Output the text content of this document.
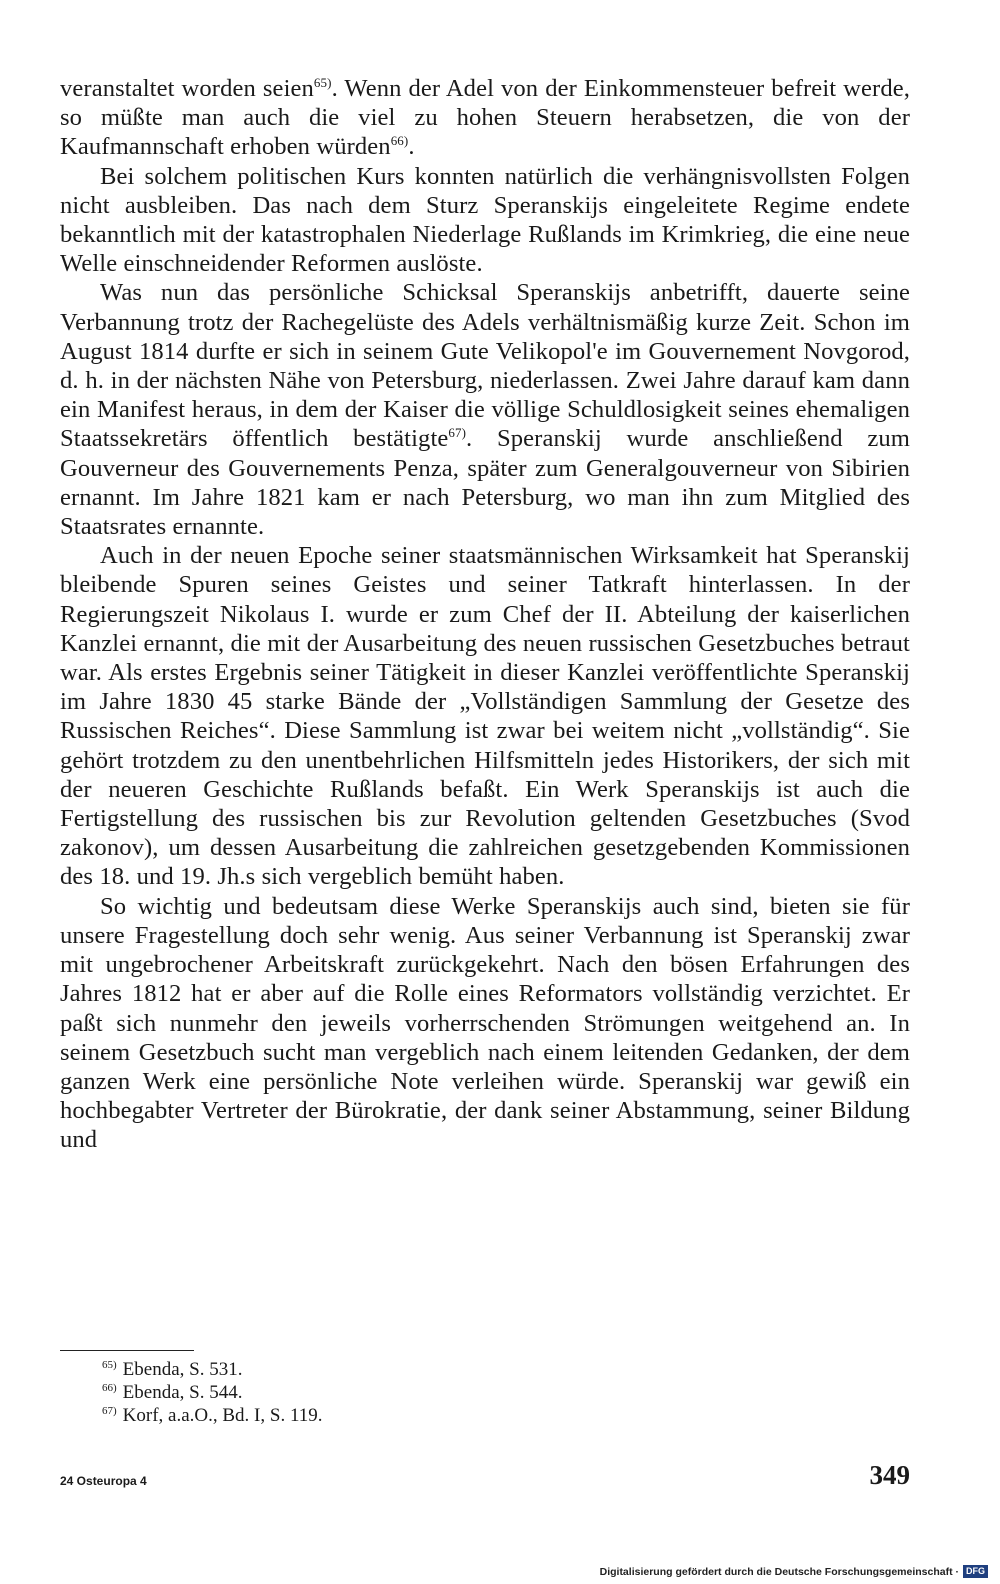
veranstaltet worden seien$^{65)}$. Wenn der Adel von der Einkommensteuer befreit werde, so müßte man auch die viel zu hohen Steuern herabsetzen, die von der Kaufmannschaft erhoben würden$^{66)}$.

Bei solchem politischen Kurs konnten natürlich die verhängnisvollsten Folgen nicht ausbleiben. Das nach dem Sturz Speranskijs eingeleitete Regime endete bekanntlich mit der katastrophalen Niederlage Rußlands im Krimkrieg, die eine neue Welle einschneidender Reformen auslöste.

Was nun das persönliche Schicksal Speranskijs anbetrifft, dauerte seine Verbannung trotz der Rachegelüste des Adels verhältnismäßig kurze Zeit. Schon im August 1814 durfte er sich in seinem Gute Velikopol'e im Gouvernement Novgorod, d. h. in der nächsten Nähe von Petersburg, niederlassen. Zwei Jahre darauf kam dann ein Manifest heraus, in dem der Kaiser die völlige Schuldlosigkeit seines ehemaligen Staatssekretärs öffentlich bestätigte$^{67)}$. Speranskij wurde anschließend zum Gouverneur des Gouvernements Penza, später zum Generalgouverneur von Sibirien ernannt. Im Jahre 1821 kam er nach Petersburg, wo man ihn zum Mitglied des Staatsrates ernannte.

Auch in der neuen Epoche seiner staatsmännischen Wirksamkeit hat Speranskij bleibende Spuren seines Geistes und seiner Tatkraft hinterlassen. In der Regierungszeit Nikolaus I. wurde er zum Chef der II. Abteilung der kaiserlichen Kanzlei ernannt, die mit der Ausarbeitung des neuen russischen Gesetzbuches betraut war. Als erstes Ergebnis seiner Tätigkeit in dieser Kanzlei veröffentlichte Speranskij im Jahre 1830 45 starke Bände der „Vollständigen Sammlung der Gesetze des Russischen Reiches“. Diese Sammlung ist zwar bei weitem nicht „vollständig“. Sie gehört trotzdem zu den unentbehrlichen Hilfsmitteln jedes Historikers, der sich mit der neueren Geschichte Rußlands befaßt. Ein Werk Speranskijs ist auch die Fertigstellung des russischen bis zur Revolution geltenden Gesetzbuches (Svod zakonov), um dessen Ausarbeitung die zahlreichen gesetzgebenden Kommissionen des 18. und 19. Jh.s sich vergeblich bemüht haben.

So wichtig und bedeutsam diese Werke Speranskijs auch sind, bieten sie für unsere Fragestellung doch sehr wenig. Aus seiner Verbannung ist Speranskij zwar mit ungebrochener Arbeitskraft zurückgekehrt. Nach den bösen Erfahrungen des Jahres 1812 hat er aber auf die Rolle eines Reformators vollständig verzichtet. Er paßt sich nunmehr den jeweils vorherrschenden Strömungen weitgehend an. In seinem Gesetzbuch sucht man vergeblich nach einem leitenden Gedanken, der dem ganzen Werk eine persönliche Note verleihen würde. Speranskij war gewiß ein hochbegabter Vertreter der Bürokratie, der dank seiner Abstammung, seiner Bildung und

$^{65)}$ Ebenda, S. 531.

$^{66)}$ Ebenda, S. 544.

$^{67)}$ Korf, a.a.O., Bd. I, S. 119.

24 Osteuropa 4	349
Digitalisierung gefördert durch die Deutsche Forschungsgemeinschaft · DFG
